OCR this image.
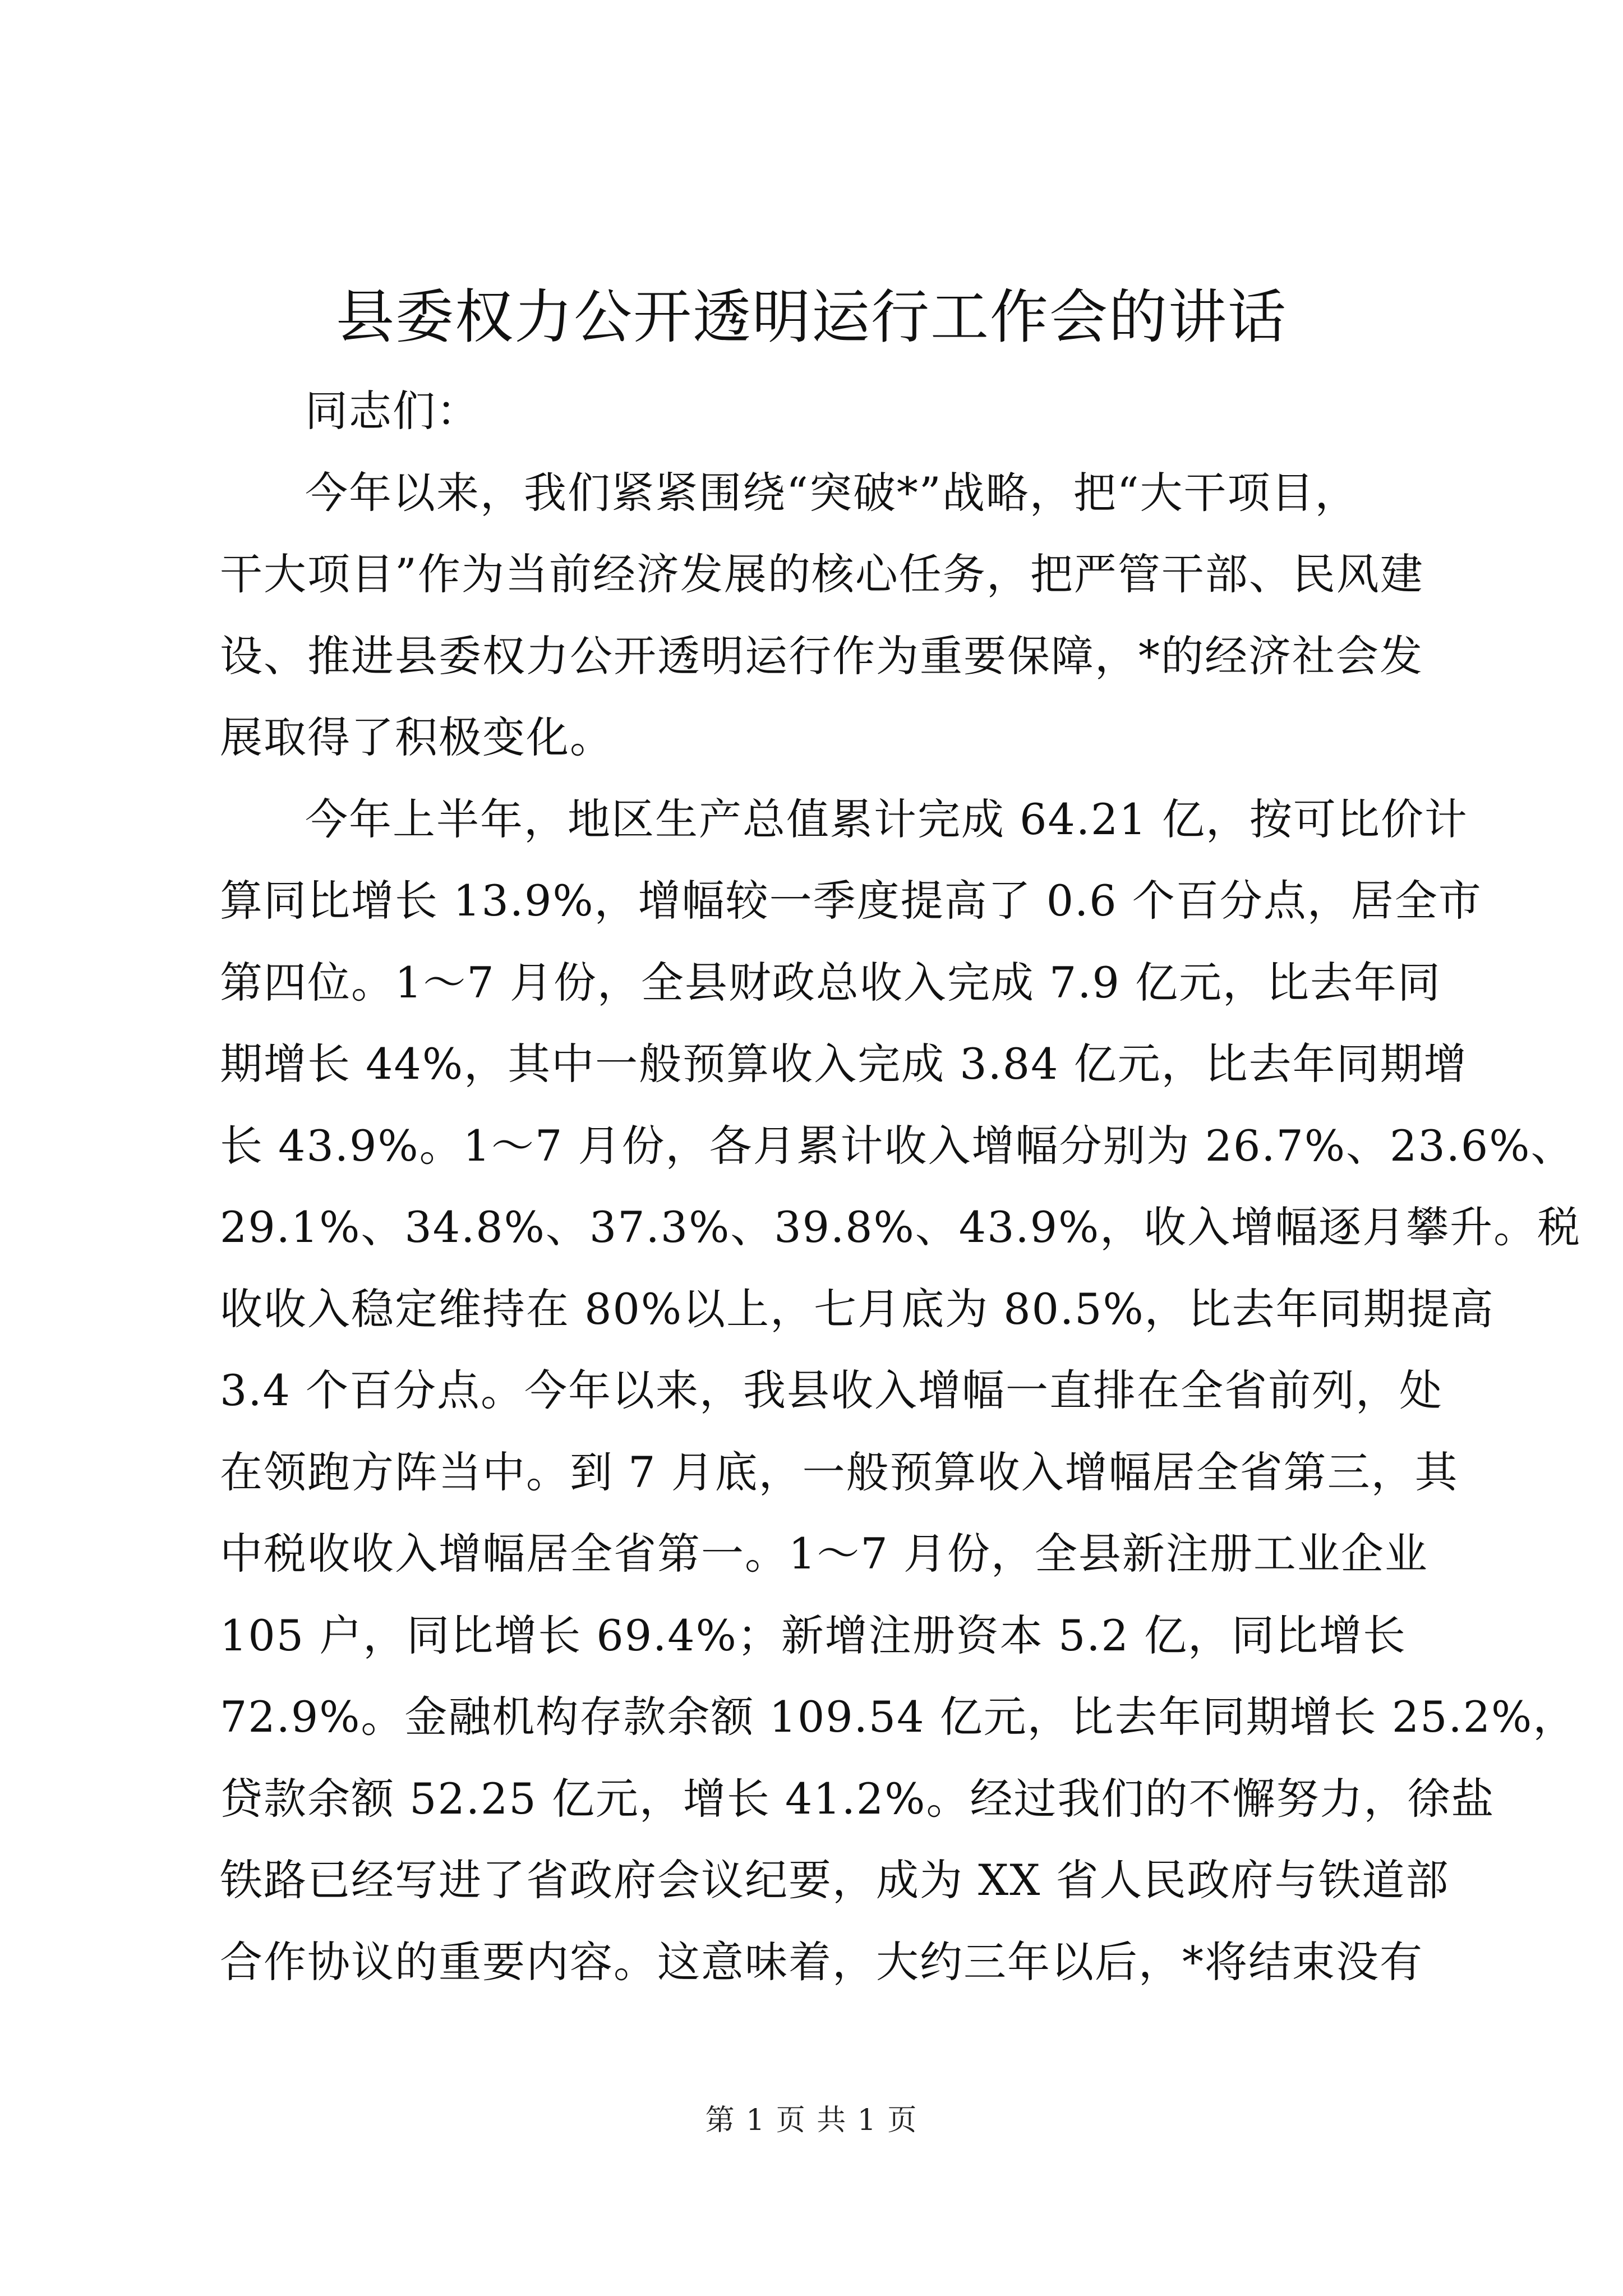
县委权力公开透明运行工作会的讲话
同志们：
今年以来，我们紧紧围绕“突破*”战略，把“大干项目，
干大项目”作为当前经济发展的核心任务，把严管干部、民风建
设、推进县委权力公开透明运行作为重要保障，*的经济社会发
展取得了积极变化。
今年上半年，地区生产总值累计完成 64.21 亿，按可比价计
算同比增长 13.9%，增幅较一季度提高了 0.6 个百分点，居全市
第四位。1～7 月份，全县财政总收入完成 7.9 亿元，比去年同
期增长 44%，其中一般预算收入完成 3.84 亿元，比去年同期增
长 43.9%。1～7 月份，各月累计收入增幅分别为 26.7%、23.6%、
29.1%、34.8%、37.3%、39.8%、43.9%，收入增幅逐月攀升。税
收收入稳定维持在 80%以上，七月底为 80.5%，比去年同期提高
3.4 个百分点。今年以来，我县收入增幅一直排在全省前列，处
在领跑方阵当中。到 7 月底，一般预算收入增幅居全省第三，其
中税收收入增幅居全省第一。1～7 月份，全县新注册工业企业
105 户，同比增长 69.4%；新增注册资本 5.2 亿，同比增长
72.9%。金融机构存款余额 109.54 亿元，比去年同期增长 25.2%，
贷款余额 52.25 亿元，增长 41.2%。经过我们的不懈努力，徐盐
铁路已经写进了省政府会议纪要，成为 XX 省人民政府与铁道部
合作协议的重要内容。这意味着，大约三年以后，*将结束没有
第 1 页 共 1 页
